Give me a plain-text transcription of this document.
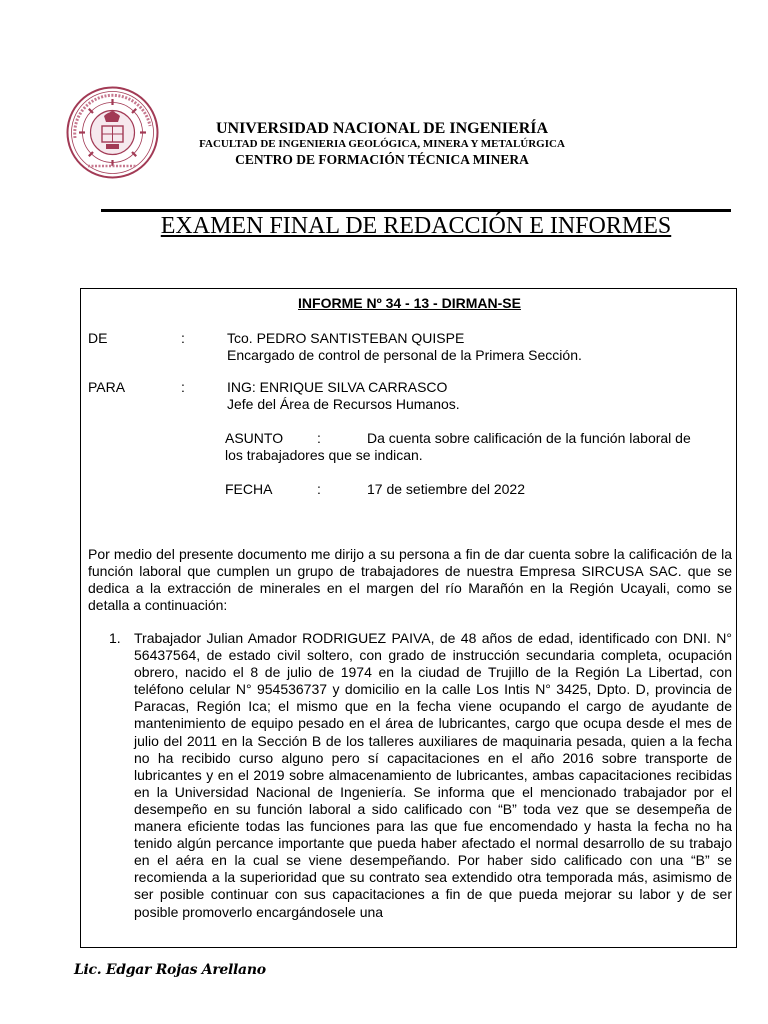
UNIVERSIDAD NACIONAL DE INGENIERÍA
FACULTAD DE INGENIERIA GEOLÓGICA, MINERA Y METALÚRGICA
CENTRO DE FORMACIÓN TÉCNICA MINERA
EXAMEN FINAL DE REDACCIÓN E INFORMES
INFORME Nº 34 - 13 - DIRMAN-SE
DE	:	Tco. PEDRO SANTISTEBAN QUISPE
Encargado de control de personal de la Primera Sección.
PARA	:	ING: ENRIQUE SILVA CARRASCO
Jefe del Área de Recursos Humanos.
ASUNTO :	Da cuenta sobre calificación de la función laboral de
los trabajadores que se indican.
FECHA	:	17 de setiembre del 2022
Por medio del presente documento me dirijo a su persona a fin de dar cuenta sobre la calificación de la función laboral que cumplen un grupo de trabajadores de nuestra Empresa SIRCUSA SAC. que se dedica a la extracción de minerales en el margen del río Marañón en la Región Ucayali, como se detalla a continuación:
1. Trabajador Julian Amador RODRIGUEZ PAIVA, de 48 años de edad, identificado con DNI. N° 56437564, de estado civil soltero, con grado de instrucción secundaria completa, ocupación obrero, nacido el 8 de julio de 1974 en la ciudad de Trujillo de la Región La Libertad, con teléfono celular N° 954536737 y domicilio en la calle Los Intis N° 3425, Dpto. D, provincia de Paracas, Región Ica; el mismo que en la fecha viene ocupando el cargo de ayudante de mantenimiento de equipo pesado en el área de lubricantes, cargo que ocupa desde el mes de julio del 2011 en la Sección B de los talleres auxiliares de maquinaria pesada, quien a la fecha no ha recibido curso alguno pero sí capacitaciones en el año 2016 sobre transporte de lubricantes y en el 2019 sobre almacenamiento de lubricantes, ambas capacitaciones recibidas en la Universidad Nacional de Ingeniería. Se informa que el mencionado trabajador por el desempeño en su función laboral a sido calificado con “B” toda vez que se desempeña de manera eficiente todas las funciones para las que fue encomendado y hasta la fecha no ha tenido algún percance importante que pueda haber afectado el normal desarrollo de su trabajo en el aéra en la cual se viene desempeñando. Por haber sido calificado con una “B” se recomienda a la superioridad que su contrato sea extendido otra temporada más, asimismo de ser posible continuar con sus capacitaciones a fin de que pueda mejorar su labor y de ser posible promoverlo encargándosele una
Lic. Edgar Rojas Arellano
